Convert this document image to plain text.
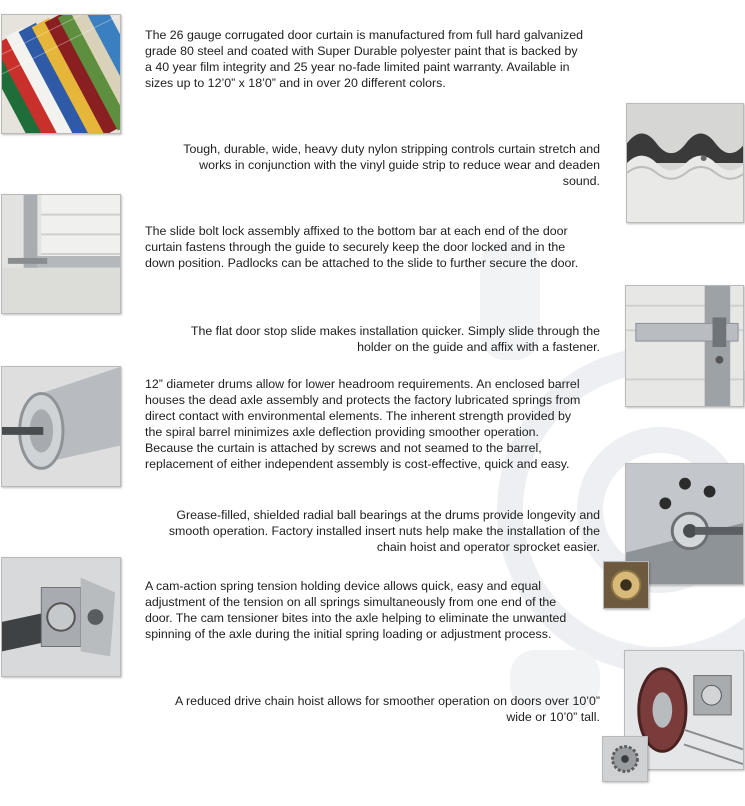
The 26 gauge corrugated door curtain is manufactured from full hard galvanized grade 80 steel and coated with Super Durable polyester paint that is backed by a 40 year film integrity and 25 year no-fade limited paint warranty. Available in sizes up to 12’0” x 18’0” and in over 20 different colors.

Tough, durable, wide, heavy duty nylon stripping controls curtain stretch and works in conjunction with the vinyl guide strip to reduce wear and deaden sound.

The slide bolt lock assembly affixed to the bottom bar at each end of the door curtain fastens through the guide to securely keep the door locked and in the down position. Padlocks can be attached to the slide to further secure the door.

The flat door stop slide makes installation quicker. Simply slide through the holder on the guide and affix with a fastener.

12” diameter drums allow for lower headroom requirements. An enclosed barrel houses the dead axle assembly and protects the factory lubricated springs from direct contact with environmental elements. The inherent strength provided by the spiral barrel minimizes axle deflection providing smoother operation. Because the curtain is attached by screws and not seamed to the barrel, replacement of either independent assembly is cost-effective, quick and easy.

Grease-filled, shielded radial ball bearings at the drums provide longevity and smooth operation. Factory installed insert nuts help make the installation of the chain hoist and operator sprocket easier.

A cam-action spring tension holding device allows quick, easy and equal adjustment of the tension on all springs simultaneously from one end of the door. The cam tensioner bites into the axle helping to eliminate the unwanted spinning of the axle during the initial spring loading or adjustment process.

A reduced drive chain hoist allows for smoother operation on doors over 10’0” wide or 10’0” tall.
